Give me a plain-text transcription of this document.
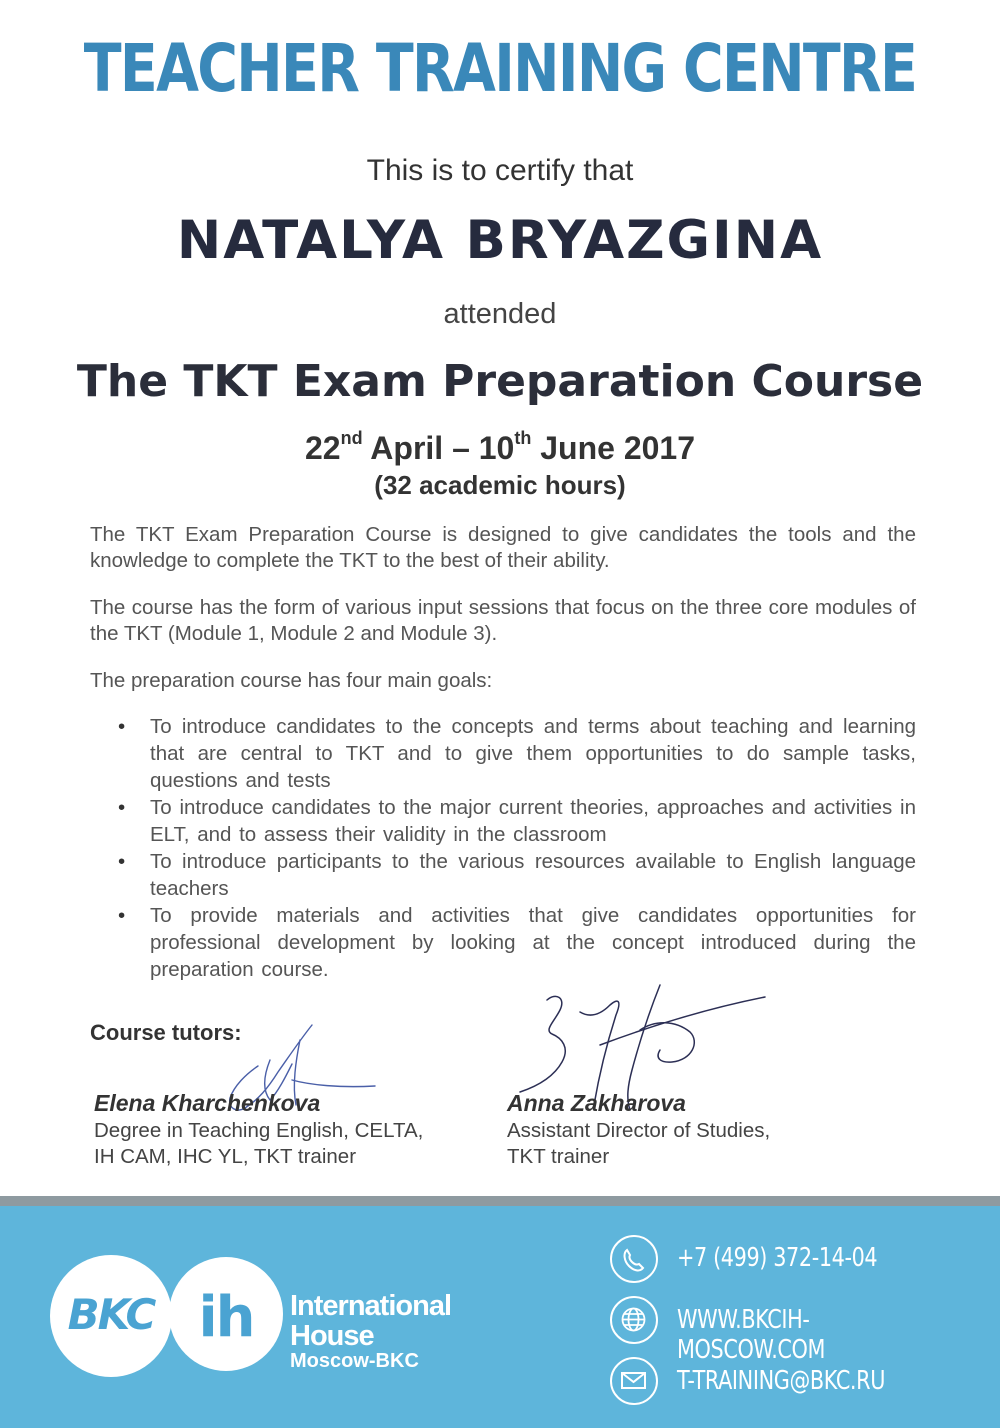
TEACHER TRAINING CENTRE
This is to certify that
NATALYA BRYAZGINA
attended
The TKT Exam Preparation Course
22nd April – 10th June 2017
(32 academic hours)
The TKT Exam Preparation Course is designed to give candidates the tools and the knowledge to complete the TKT to the best of their ability.
The course has the form of various input sessions that focus on the three core modules of the TKT (Module 1, Module 2 and Module 3).
The preparation course has four main goals:
• To introduce candidates to the concepts and terms about teaching and learning that are central to TKT and to give them opportunities to do sample tasks, questions and tests
• To introduce candidates to the major current theories, approaches and activities in ELT, and to assess their validity in the classroom
• To introduce participants to the various resources available to English language teachers
• To provide materials and activities that give candidates opportunities for professional development by looking at the concept introduced during the preparation course.
Course tutors:
Elena Kharchenkova
Degree in Teaching English, CELTA,
IH CAM, IHC YL, TKT trainer
Anna Zakharova
Assistant Director of Studies,
TKT trainer
BKC ih	International
House
Moscow-BKC
+7 (499) 372-14-04
WWW.BKCIH-MOSCOW.COM
T-TRAINING@BKC.RU
